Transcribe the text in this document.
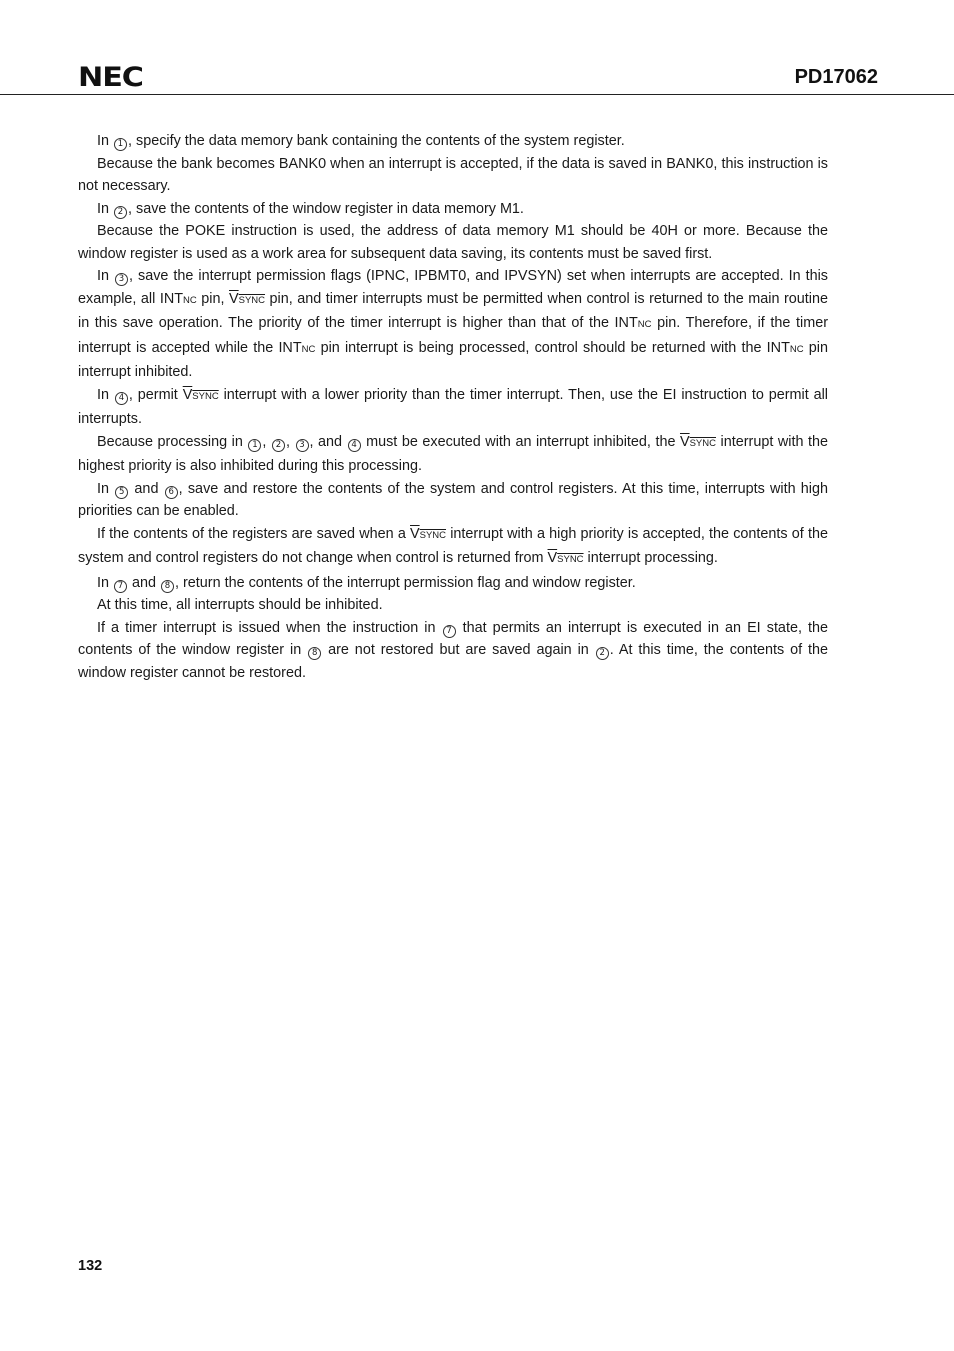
NEC	PD17062

In 1 , specify the data memory bank containing the contents of the system register.

Because the bank becomes BANK0 when an interrupt is accepted, if the data is saved in BANK0, this instruction is not necessary.

In 2 , save the contents of the window register in data memory M1.

Because the POKE instruction is used, the address of data memory M1 should be 40H or more. Because the window register is used as a work area for subsequent data saving, its contents must be saved first.

In 3 , save the interrupt permission flags (IPNC, IPBMT0, and IPVSYN) set when interrupts are accepted. In this example, all INTNC pin, VSYNC pin, and timer interrupts must be permitted when control is returned to the main routine in this save operation. The priority of the timer interrupt is higher than that of the INTNC pin. Therefore, if the timer interrupt is accepted while the INTNC pin interrupt is being processed, control should be returned with the INTNC pin interrupt inhibited.

In 4 , permit VSYNC interrupt with a lower priority than the timer interrupt. Then, use the EI instruction to permit all interrupts.

Because processing in 1 , 2 , 3 , and 4 must be executed with an interrupt inhibited, the VSYNC interrupt with the highest priority is also inhibited during this processing.

In 5 and 6 , save and restore the contents of the system and control registers. At this time, interrupts with high priorities can be enabled.

If the contents of the registers are saved when a VSYNC interrupt with a high priority is accepted, the contents of the system and control registers do not change when control is returned from VSYNC interrupt processing.

In 7 and 8 , return the contents of the interrupt permission flag and window register.

At this time, all interrupts should be inhibited.

If a timer interrupt is issued when the instruction in 7 that permits an interrupt is executed in an EI state, the contents of the window register in 8 are not restored but are saved again in 2 . At this time, the contents of the window register cannot be restored.

132
